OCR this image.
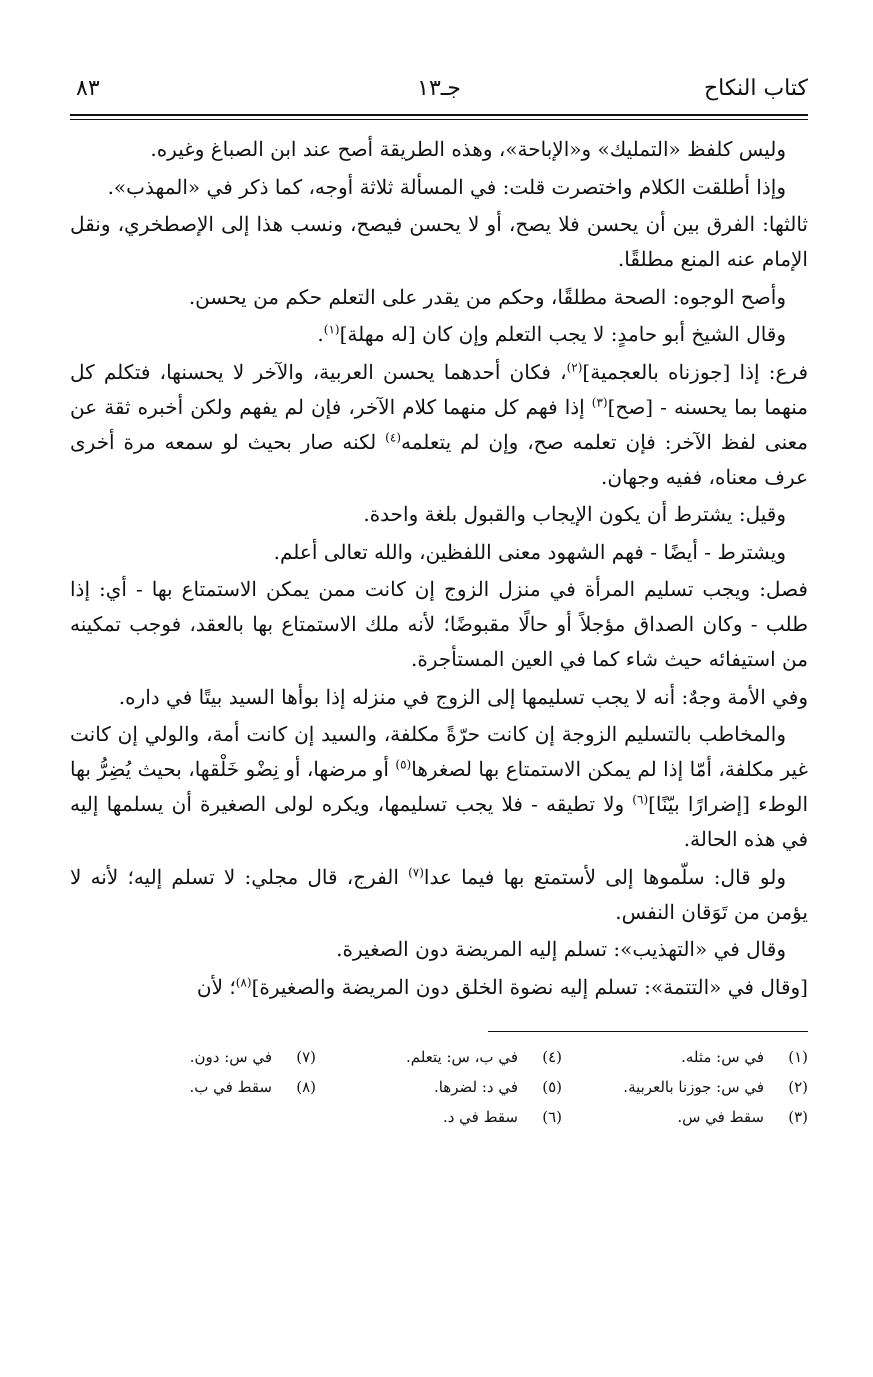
كتاب النكاح
جـ١٣
٨٣

وليس كلفظ «التمليك» و«الإباحة»، وهذه الطريقة أصح عند ابن الصباغ وغيره.

وإذا أطلقت الكلام واختصرت قلت: في المسألة ثلاثة أوجه، كما ذكر في «المهذب».

ثالثها: الفرق بين أن يحسن فلا يصح، أو لا يحسن فيصح، ونسب هذا إلى الإصطخري، ونقل الإمام عنه المنع مطلقًا.

وأصح الوجوه: الصحة مطلقًا، وحكم من يقدر على التعلم حكم من يحسن.

وقال الشيخ أبو حامدٍ: لا يجب التعلم وإن كان [له مهلة]$^{(١)}$.

فرع: إذا [جوزناه بالعجمية]$^{(٢)}$، فكان أحدهما يحسن العربية، والآخر لا يحسنها، فتكلم كل منهما بما يحسنه - [صح]$^{(٣)}$ إذا فهم كل منهما كلام الآخر، فإن لم يفهم ولكن أخبره ثقة عن معنى لفظ الآخر: فإن تعلمه صح، وإن لم يتعلمه$^{(٤)}$ لكنه صار بحيث لو سمعه مرة أخرى عرف معناه، ففيه وجهان.

وقيل: يشترط أن يكون الإيجاب والقبول بلغة واحدة.

ويشترط - أيضًا - فهم الشهود معنى اللفظين، والله تعالى أعلم.

فصل: ويجب تسليم المرأة في منزل الزوج إن كانت ممن يمكن الاستمتاع بها - أي: إذا طلب - وكان الصداق مؤجلاً أو حالًا مقبوضًا؛ لأنه ملك الاستمتاع بها بالعقد، فوجب تمكينه من استيفائه حيث شاء كما في العين المستأجرة.

وفي الأمة وجهٌ: أنه لا يجب تسليمها إلى الزوج في منزله إذا بوأها السيد بيتًا في داره.

والمخاطب بالتسليم الزوجة إن كانت حرّةً مكلفة، والسيد إن كانت أمة، والولي إن كانت غير مكلفة، أمّا إذا لم يمكن الاستمتاع بها لصغرها$^{(٥)}$ أو مرضها، أو نِضْو خَلْقها، بحيث يُضِرُّ بها الوطء [إضرارًا بيّنًا]$^{(٦)}$ ولا تطيقه - فلا يجب تسليمها، ويكره لولى الصغيرة أن يسلمها إليه في هذه الحالة.

ولو قال: سلّموها إلى لأستمتع بها فيما عدا$^{(٧)}$ الفرج، قال مجلي: لا تسلم إليه؛ لأنه لا يؤمن من تَوَقان النفس.

وقال في «التهذيب»: تسلم إليه المريضة دون الصغيرة.

[وقال في «التتمة»: تسلم إليه نضوة الخلق دون المريضة والصغيرة]$^{(٨)}$؛ لأن

(١)
في س: مثله.
(٢)
في س: جوزنا بالعربية.
(٣)
سقط في س.
(٤)
في ب، س: يتعلم.
(٥)
في د: لضرها.
(٦)
سقط في د.
(٧)
في س: دون.
(٨)
سقط في ب.
